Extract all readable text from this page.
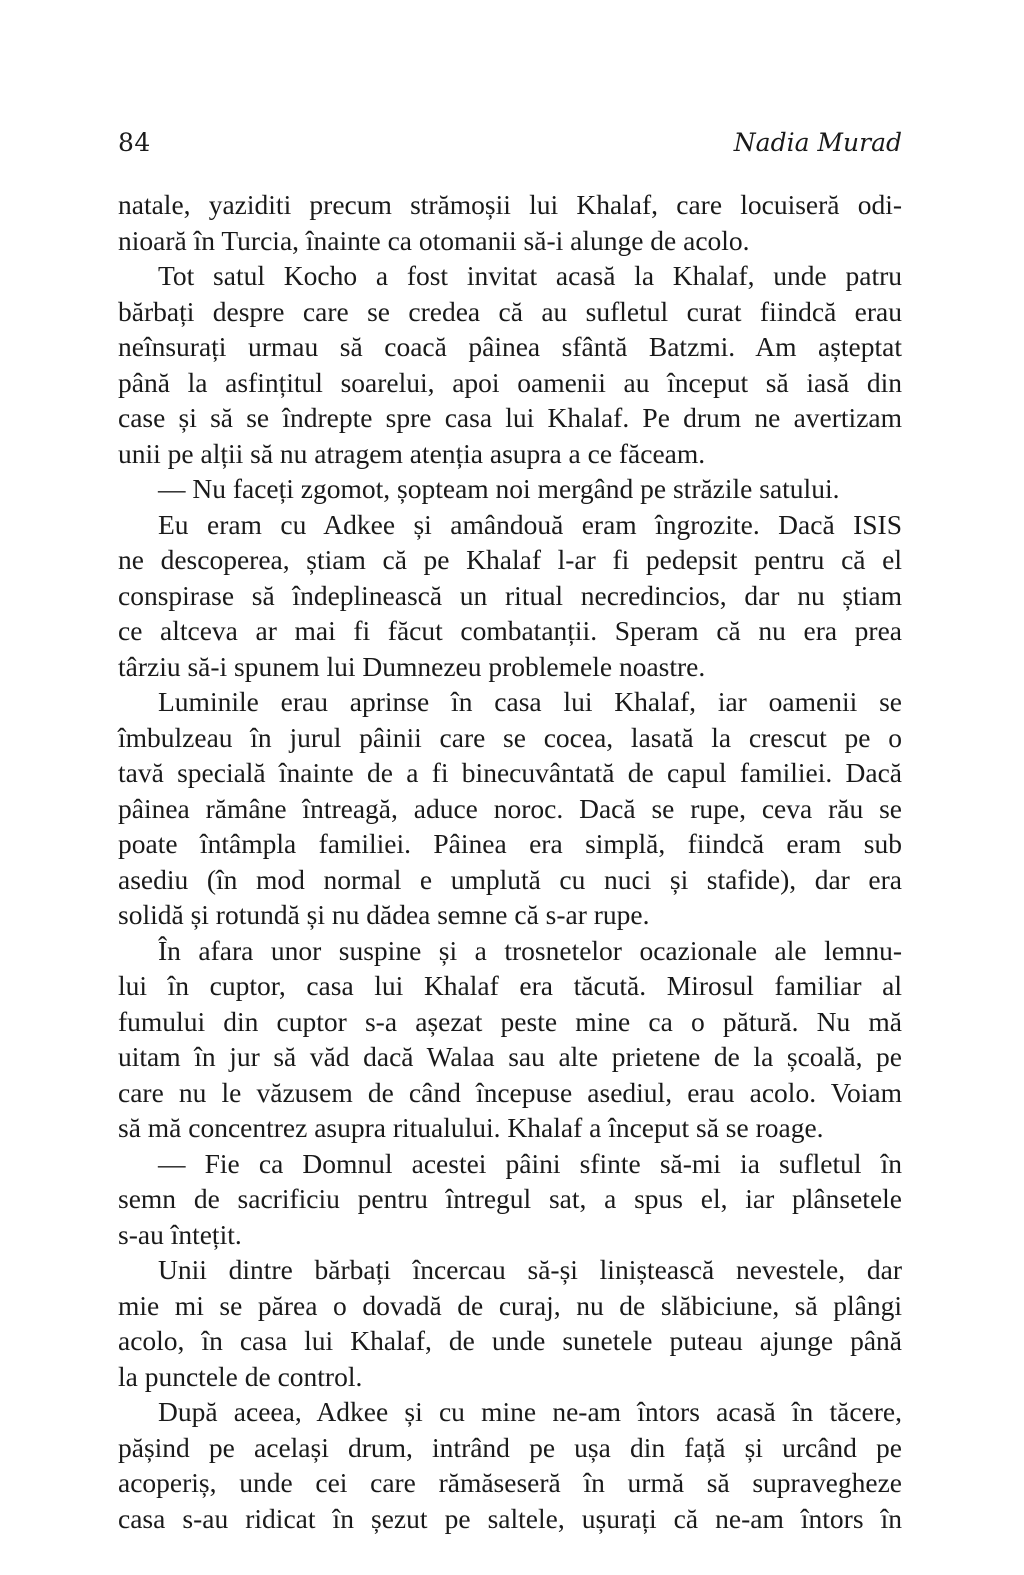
84	Nadia Murad

natale, yaziditi precum strămoșii lui Khalaf, care locuiseră odi-

nioară în Turcia, înainte ca otomanii să-i alunge de acolo.

Tot satul Kocho a fost invitat acasă la Khalaf, unde patru

bărbați despre care se credea că au sufletul curat fiindcă erau

neînsurați urmau să coacă pâinea sfântă Batzmi. Am așteptat

până la asfințitul soarelui, apoi oamenii au început să iasă din

case și să se îndrepte spre casa lui Khalaf. Pe drum ne avertizam

unii pe alții să nu atragem atenția asupra a ce făceam.

— Nu faceți zgomot, șopteam noi mergând pe străzile satului.

Eu eram cu Adkee și amândouă eram îngrozite. Dacă ISIS

ne descoperea, știam că pe Khalaf l-ar fi pedepsit pentru că el

conspirase să îndeplinească un ritual necredincios, dar nu știam

ce altceva ar mai fi făcut combatanții. Speram că nu era prea

târziu să-i spunem lui Dumnezeu problemele noastre.

Luminile erau aprinse în casa lui Khalaf, iar oamenii se

îmbulzeau în jurul pâinii care se cocea, lasată la crescut pe o

tavă specială înainte de a fi binecuvântată de capul familiei. Dacă

pâinea rămâne întreagă, aduce noroc. Dacă se rupe, ceva rău se

poate întâmpla familiei. Pâinea era simplă, fiindcă eram sub

asediu (în mod normal e umplută cu nuci și stafide), dar era

solidă și rotundă și nu dădea semne că s-ar rupe.

În afara unor suspine și a trosnetelor ocazionale ale lemnu-

lui în cuptor, casa lui Khalaf era tăcută. Mirosul familiar al

fumului din cuptor s-a așezat peste mine ca o pătură. Nu mă

uitam în jur să văd dacă Walaa sau alte prietene de la școală, pe

care nu le văzusem de când începuse asediul, erau acolo. Voiam

să mă concentrez asupra ritualului. Khalaf a început să se roage.

— Fie ca Domnul acestei pâini sfinte să-mi ia sufletul în

semn de sacrificiu pentru întregul sat, a spus el, iar plânsetele

s-au întețit.

Unii dintre bărbați încercau să-și liniștească nevestele, dar

mie mi se părea o dovadă de curaj, nu de slăbiciune, să plângi

acolo, în casa lui Khalaf, de unde sunetele puteau ajunge până

la punctele de control.

După aceea, Adkee și cu mine ne-am întors acasă în tăcere,

pășind pe același drum, intrând pe ușa din față și urcând pe

acoperiș, unde cei care rămăseseră în urmă să supravegheze

casa s-au ridicat în șezut pe saltele, ușurați că ne-am întors în
